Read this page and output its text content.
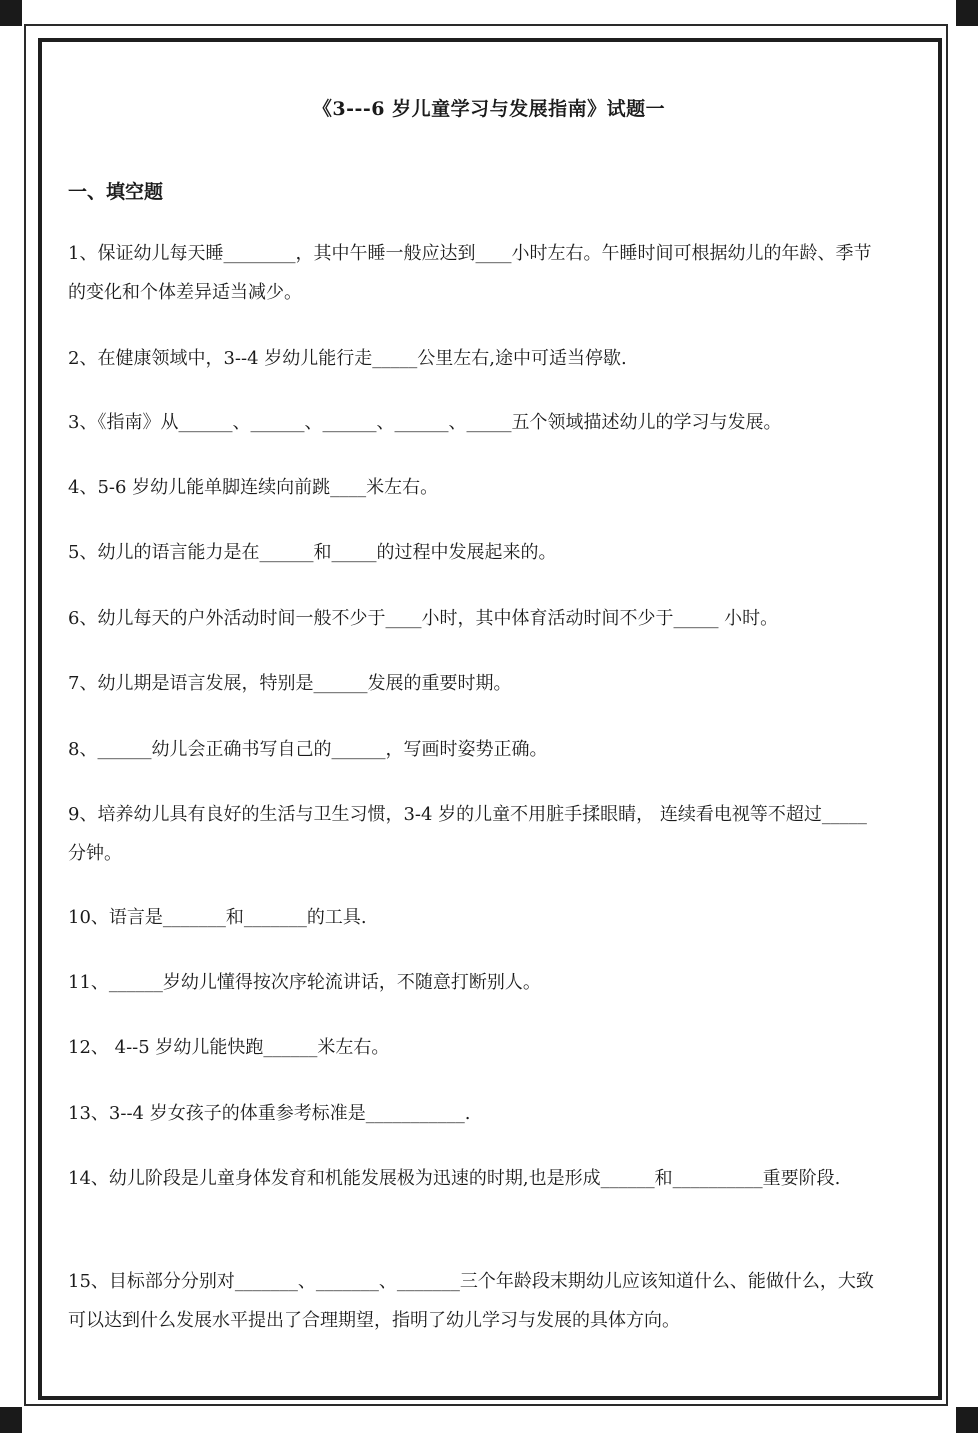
《3---6 岁儿童学习与发展指南》试题一
一、填空题
1、保证幼儿每天睡________，其中午睡一般应达到____小时左右。午睡时间可根据幼儿的年龄、季节的变化和个体差异适当减少。
2、在健康领域中，3--4 岁幼儿能行走_____公里左右,途中可适当停歇.
3、《指南》从______、______、______、______、_____五个领域描述幼儿的学习与发展。
4、5-6 岁幼儿能单脚连续向前跳____米左右。
5、幼儿的语言能力是在______和_____的过程中发展起来的。
6、幼儿每天的户外活动时间一般不少于____小时，其中体育活动时间不少于_____ 小时。
7、幼儿期是语言发展，特别是______发展的重要时期。
8、______幼儿会正确书写自己的______，写画时姿势正确。
9、培养幼儿具有良好的生活与卫生习惯，3-4 岁的儿童不用脏手揉眼睛， 连续看电视等不超过_____ 分钟。
10、语言是_______和_______的工具.
11、______岁幼儿懂得按次序轮流讲话，不随意打断别人。
12、 4--5 岁幼儿能快跑______米左右。
13、3--4 岁女孩子的体重参考标准是___________.
14、幼儿阶段是儿童身体发育和机能发展极为迅速的时期,也是形成______和__________重要阶段.
15、目标部分分别对_______、_______、_______三个年龄段末期幼儿应该知道什么、能做什么，大致可以达到什么发展水平提出了合理期望，指明了幼儿学习与发展的具体方向。
